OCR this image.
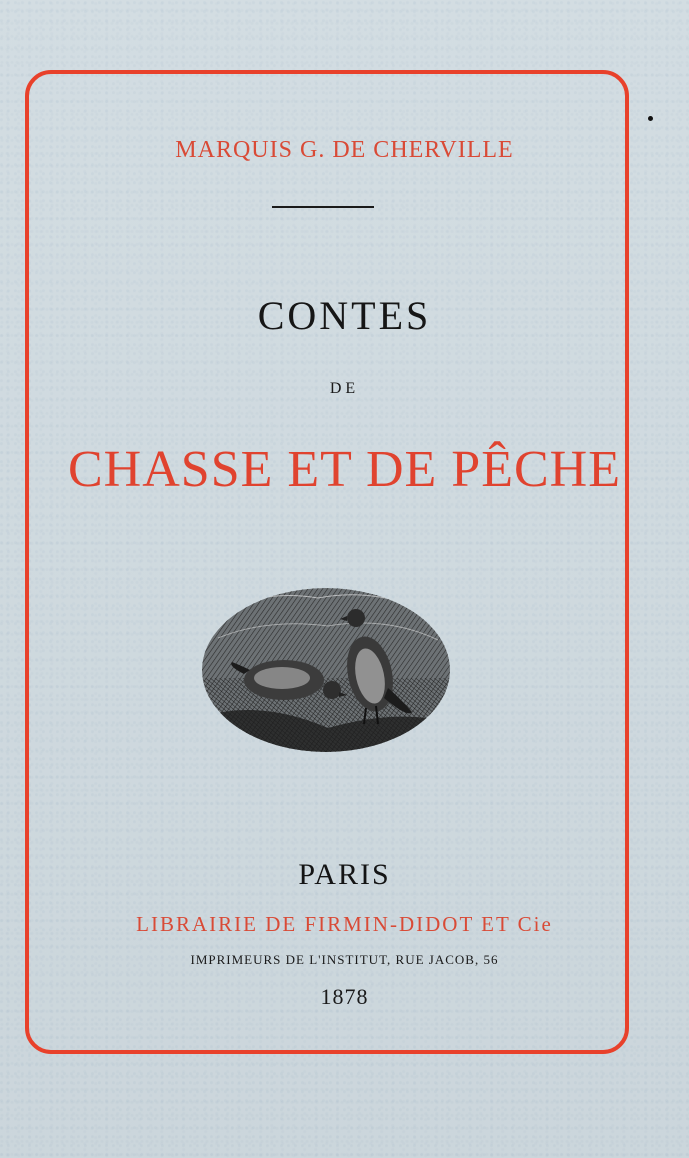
MARQUIS G. DE CHERVILLE
CONTES
DE
CHASSE ET DE PÊCHE
PARIS
LIBRAIRIE DE FIRMIN-DIDOT ET Cie
IMPRIMEURS DE L'INSTITUT, RUE JACOB, 56
1878
